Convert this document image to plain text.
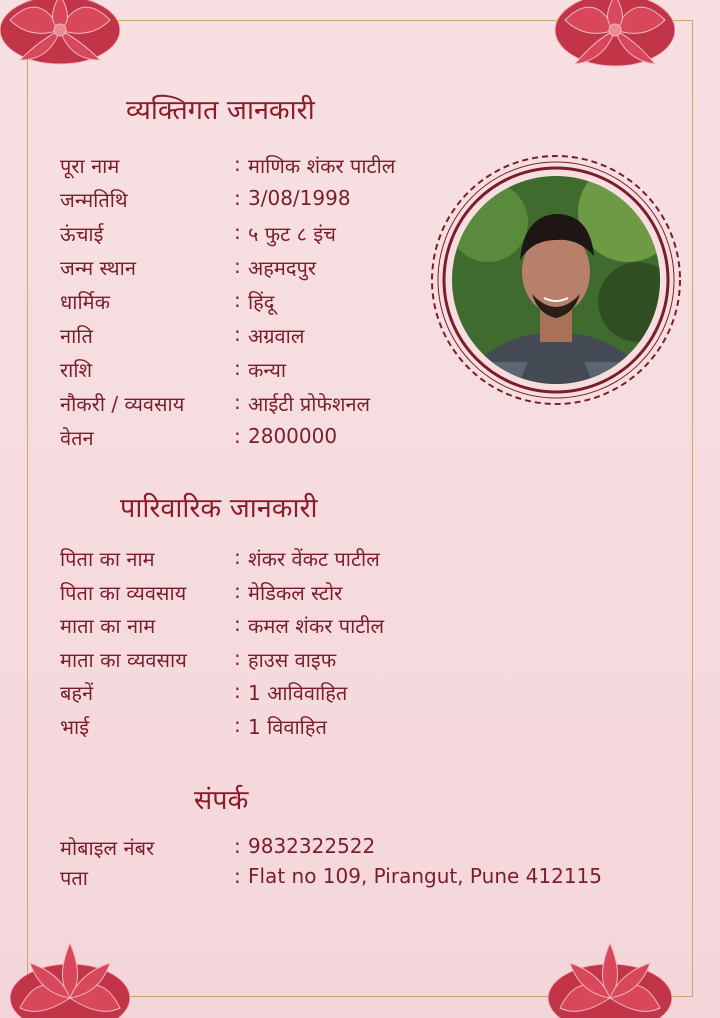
व्यक्तिगत जानकारी
पूरा नाम	: माणिक शंकर पाटील
जन्मतिथि	: 3/08/1998
ऊंचाई	: ५ फुट ८ इंच
जन्म स्थान	: अहमदपुर
धार्मिक	: हिंदू
नाति	: अग्रवाल
राशि	: कन्या
नौकरी / व्यवसाय : आईटी प्रोफेशनल
वेतन	: 2800000
पारिवारिक जानकारी
पिता का नाम	: शंकर वेंकट पाटील
पिता का व्यवसाय : मेडिकल स्टोर
माता का नाम	: कमल शंकर पाटील
माता का व्यवसाय : हाउस वाइफ
बहनें	: 1 आविवाहित
भाई	: 1 विवाहित
संपर्क
मोबाइल नंबर	: 9832322522
पता	: Flat no 109, Pirangut, Pune 412115
